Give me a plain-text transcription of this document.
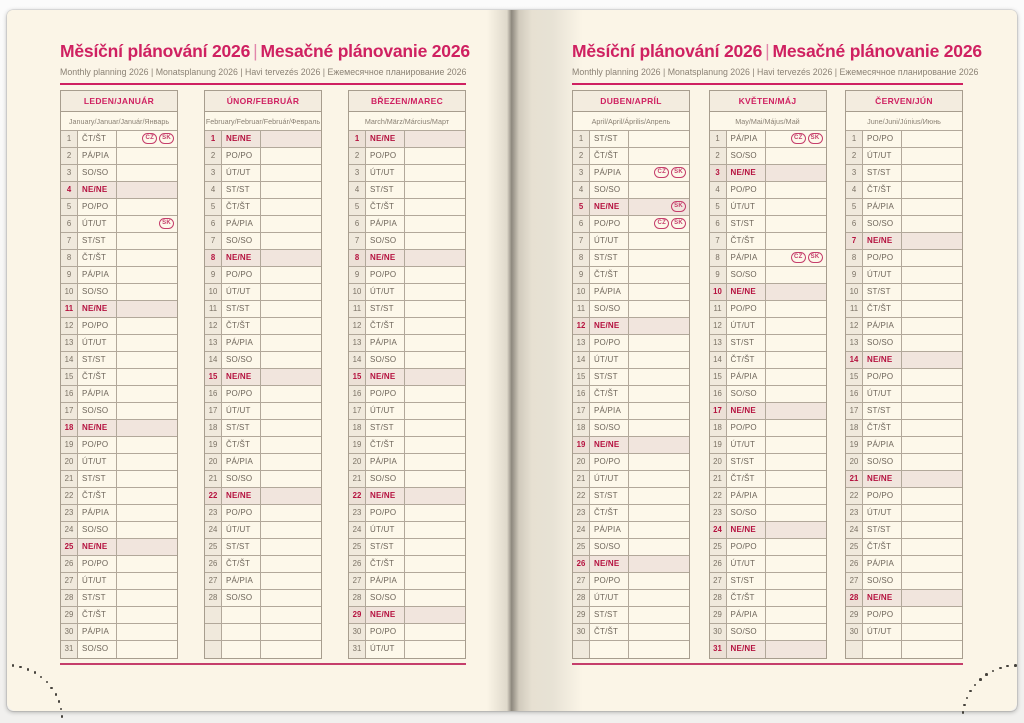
Měsíční plánování 2026 | Mesačné plánovanie 2026

Monthly planning 2026 | Monatsplanung 2026 | Havi tervezés 2026 | Ежемесячное планирование 2026

LEDEN/JANUÁR
January/Januar/Január/Январь
1	ČT/ŠT	CZ SK
2	PÁ/PIA
3	SO/SO
4	NE/NE
5	PO/PO
6	ÚT/UT	SK
7	ST/ST
8	ČT/ŠT
9	PÁ/PIA
10	SO/SO
11	NE/NE
12	PO/PO
13	ÚT/UT
14	ST/ST
15	ČT/ŠT
16	PÁ/PIA
17	SO/SO
18	NE/NE
19	PO/PO
20	ÚT/UT
21	ST/ST
22	ČT/ŠT
23	PÁ/PIA
24	SO/SO
25	NE/NE
26	PO/PO
27	ÚT/UT
28	ST/ST
29	ČT/ŠT
30	PÁ/PIA
31	SO/SO
ÚNOR/FEBRUÁR
February/Februar/Február/Февраль
1	NE/NE
2	PO/PO
3	ÚT/UT
4	ST/ST
5	ČT/ŠT
6	PÁ/PIA
7	SO/SO
8	NE/NE
9	PO/PO
10	ÚT/UT
11	ST/ST
12	ČT/ŠT
13	PÁ/PIA
14	SO/SO
15	NE/NE
16	PO/PO
17	ÚT/UT
18	ST/ST
19	ČT/ŠT
20	PÁ/PIA
21	SO/SO
22	NE/NE
23	PO/PO
24	ÚT/UT
25	ST/ST
26	ČT/ŠT
27	PÁ/PIA
28	SO/SO
BŘEZEN/MAREC
March/März/Március/Март
1	NE/NE
2	PO/PO
3	ÚT/UT
4	ST/ST
5	ČT/ŠT
6	PÁ/PIA
7	SO/SO
8	NE/NE
9	PO/PO
10	ÚT/UT
11	ST/ST
12	ČT/ŠT
13	PÁ/PIA
14	SO/SO
15	NE/NE
16	PO/PO
17	ÚT/UT
18	ST/ST
19	ČT/ŠT
20	PÁ/PIA
21	SO/SO
22	NE/NE
23	PO/PO
24	ÚT/UT
25	ST/ST
26	ČT/ŠT
27	PÁ/PIA
28	SO/SO
29	NE/NE
30	PO/PO
31	ÚT/UT
Měsíční plánování 2026 | Mesačné plánovanie 2026

Monthly planning 2026 | Monatsplanung 2026 | Havi tervezés 2026 | Ежемесячное планирование 2026

DUBEN/APRÍL
April/April/Április/Апрель
1	ST/ST
2	ČT/ŠT
3	PÁ/PIA	CZ SK
4	SO/SO
5	NE/NE	SK
6	PO/PO	CZ SK
7	ÚT/UT
8	ST/ST
9	ČT/ŠT
10	PÁ/PIA
11	SO/SO
12	NE/NE
13	PO/PO
14	ÚT/UT
15	ST/ST
16	ČT/ŠT
17	PÁ/PIA
18	SO/SO
19	NE/NE
20	PO/PO
21	ÚT/UT
22	ST/ST
23	ČT/ŠT
24	PÁ/PIA
25	SO/SO
26	NE/NE
27	PO/PO
28	ÚT/UT
29	ST/ST
30	ČT/ŠT
KVĚTEN/MÁJ
May/Mai/Május/Май
1	PÁ/PIA	CZ SK
2	SO/SO
3	NE/NE
4	PO/PO
5	ÚT/UT
6	ST/ST
7	ČT/ŠT
8	PÁ/PIA	CZ SK
9	SO/SO
10	NE/NE
11	PO/PO
12	ÚT/UT
13	ST/ST
14	ČT/ŠT
15	PÁ/PIA
16	SO/SO
17	NE/NE
18	PO/PO
19	ÚT/UT
20	ST/ST
21	ČT/ŠT
22	PÁ/PIA
23	SO/SO
24	NE/NE
25	PO/PO
26	ÚT/UT
27	ST/ST
28	ČT/ŠT
29	PÁ/PIA
30	SO/SO
31	NE/NE
ČERVEN/JÚN
June/Juni/Június/Июнь
1	PO/PO
2	ÚT/UT
3	ST/ST
4	ČT/ŠT
5	PÁ/PIA
6	SO/SO
7	NE/NE
8	PO/PO
9	ÚT/UT
10	ST/ST
11	ČT/ŠT
12	PÁ/PIA
13	SO/SO
14	NE/NE
15	PO/PO
16	ÚT/UT
17	ST/ST
18	ČT/ŠT
19	PÁ/PIA
20	SO/SO
21	NE/NE
22	PO/PO
23	ÚT/UT
24	ST/ST
25	ČT/ŠT
26	PÁ/PIA
27	SO/SO
28	NE/NE
29	PO/PO
30	ÚT/UT
